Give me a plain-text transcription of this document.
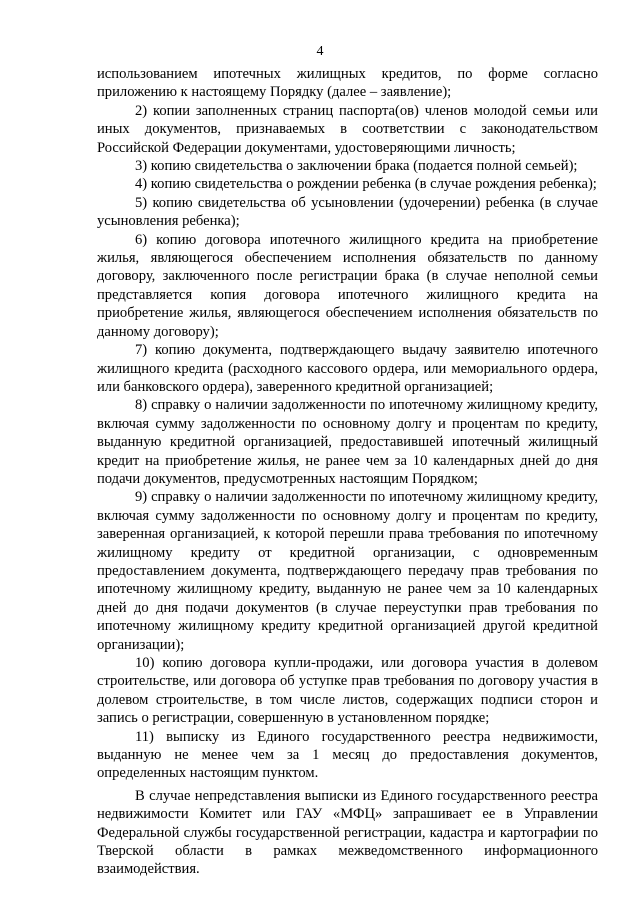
4

использованием ипотечных жилищных кредитов, по форме согласно приложению к настоящему Порядку (далее – заявление);

2) копии заполненных страниц паспорта(ов) членов молодой семьи или иных документов, признаваемых в соответствии с законодательством Российской Федерации документами, удостоверяющими личность;

3) копию свидетельства о заключении брака (подается полной семьей);

4) копию свидетельства о рождении ребенка (в случае рождения ребенка);

5) копию свидетельства об усыновлении (удочерении) ребенка (в случае усыновления ребенка);

6) копию договора ипотечного жилищного кредита на приобретение жилья, являющегося обеспечением исполнения обязательств по данному договору, заключенного после регистрации брака (в случае неполной семьи представляется копия договора ипотечного жилищного кредита на приобретение жилья, являющегося обеспечением исполнения обязательств по данному договору);

7) копию документа, подтверждающего выдачу заявителю ипотечного жилищного кредита (расходного кассового ордера, или мемориального ордера, или банковского ордера), заверенного кредитной организацией;

8) справку о наличии задолженности по ипотечному жилищному кредиту, включая сумму задолженности по основному долгу и процентам по кредиту, выданную кредитной организацией, предоставившей ипотечный жилищный кредит на приобретение жилья, не ранее чем за 10 календарных дней до дня подачи документов, предусмотренных настоящим Порядком;

9) справку о наличии задолженности по ипотечному жилищному кредиту, включая сумму задолженности по основному долгу и процентам по кредиту, заверенная организацией, к которой перешли права требования по ипотечному жилищному кредиту от кредитной организации, с одновременным предоставлением документа, подтверждающего передачу прав требования по ипотечному жилищному кредиту, выданную не ранее чем за 10 календарных дней до дня подачи документов (в случае переуступки прав требования по ипотечному жилищному кредиту кредитной организацией другой кредитной организации);

10) копию договора купли-продажи, или договора участия в долевом строительстве, или договора об уступке прав требования по договору участия в долевом строительстве, в том числе листов, содержащих подписи сторон и запись о регистрации, совершенную в установленном порядке;

11) выписку из Единого государственного реестра недвижимости, выданную не менее чем за 1 месяц до предоставления документов, определенных настоящим пунктом.

В случае непредставления выписки из Единого государственного реестра недвижимости Комитет или ГАУ «МФЦ» запрашивает ее в Управлении Федеральной службы государственной регистрации, кадастра и картографии по Тверской области в рамках межведомственного информационного взаимодействия.
